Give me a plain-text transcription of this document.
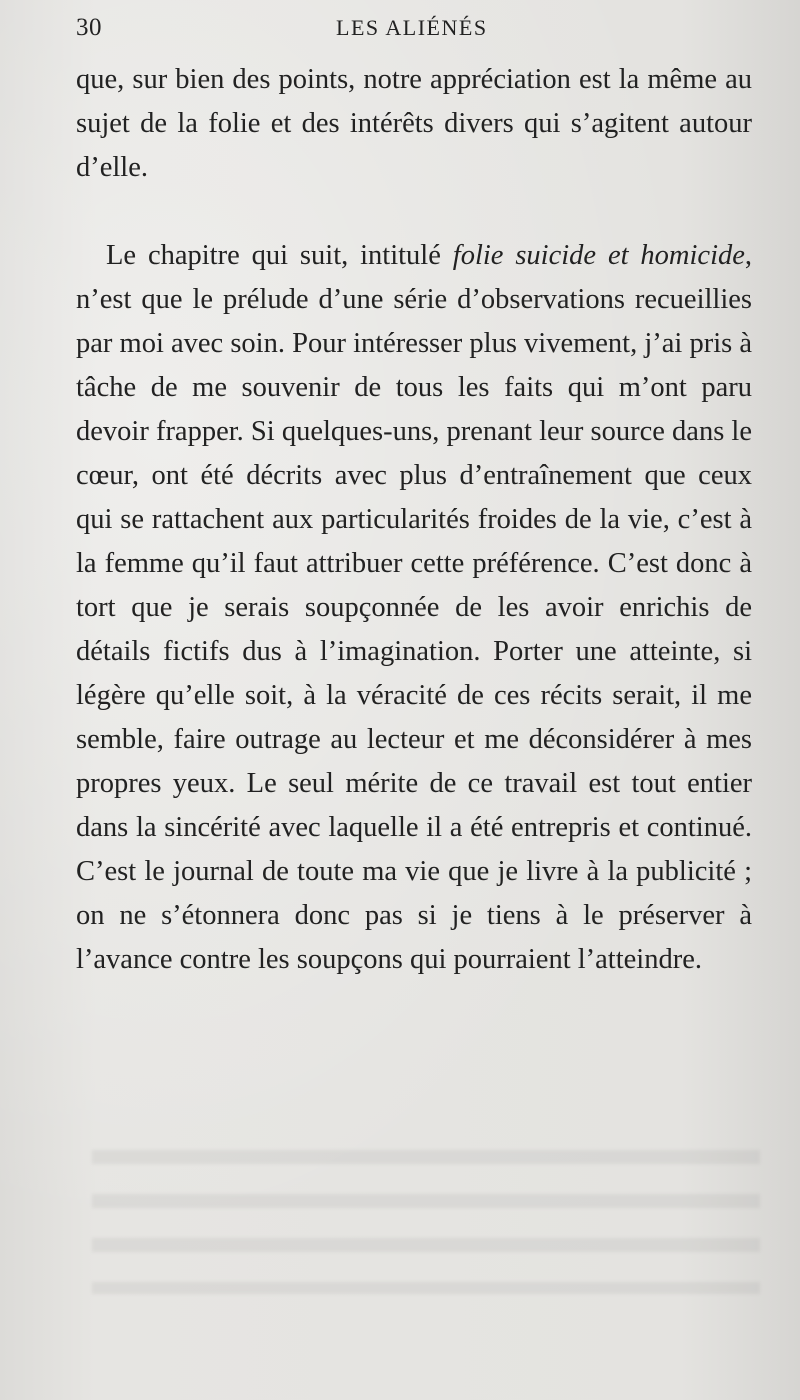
30	LES ALIÉNÉS

que, sur bien des points, notre appréciation est la même au sujet de la folie et des intérêts divers qui s’agitent autour d’elle.

Le chapitre qui suit, intitulé folie suicide et homicide, n’est que le prélude d’une série d’observations recueillies par moi avec soin. Pour intéresser plus vivement, j’ai pris à tâche de me souvenir de tous les faits qui m’ont paru devoir frapper. Si quelques-uns, prenant leur source dans le cœur, ont été décrits avec plus d’entraînement que ceux qui se rattachent aux particularités froides de la vie, c’est à la femme qu’il faut attribuer cette préférence. C’est donc à tort que je serais soupçonnée de les avoir enrichis de détails fictifs dus à l’imagination. Porter une atteinte, si légère qu’elle soit, à la véracité de ces récits serait, il me semble, faire outrage au lecteur et me déconsidérer à mes propres yeux. Le seul mérite de ce travail est tout entier dans la sincérité avec laquelle il a été entrepris et continué. C’est le journal de toute ma vie que je livre à la publicité ; on ne s’étonnera donc pas si je tiens à le préserver à l’avance contre les soupçons qui pourraient l’atteindre.
